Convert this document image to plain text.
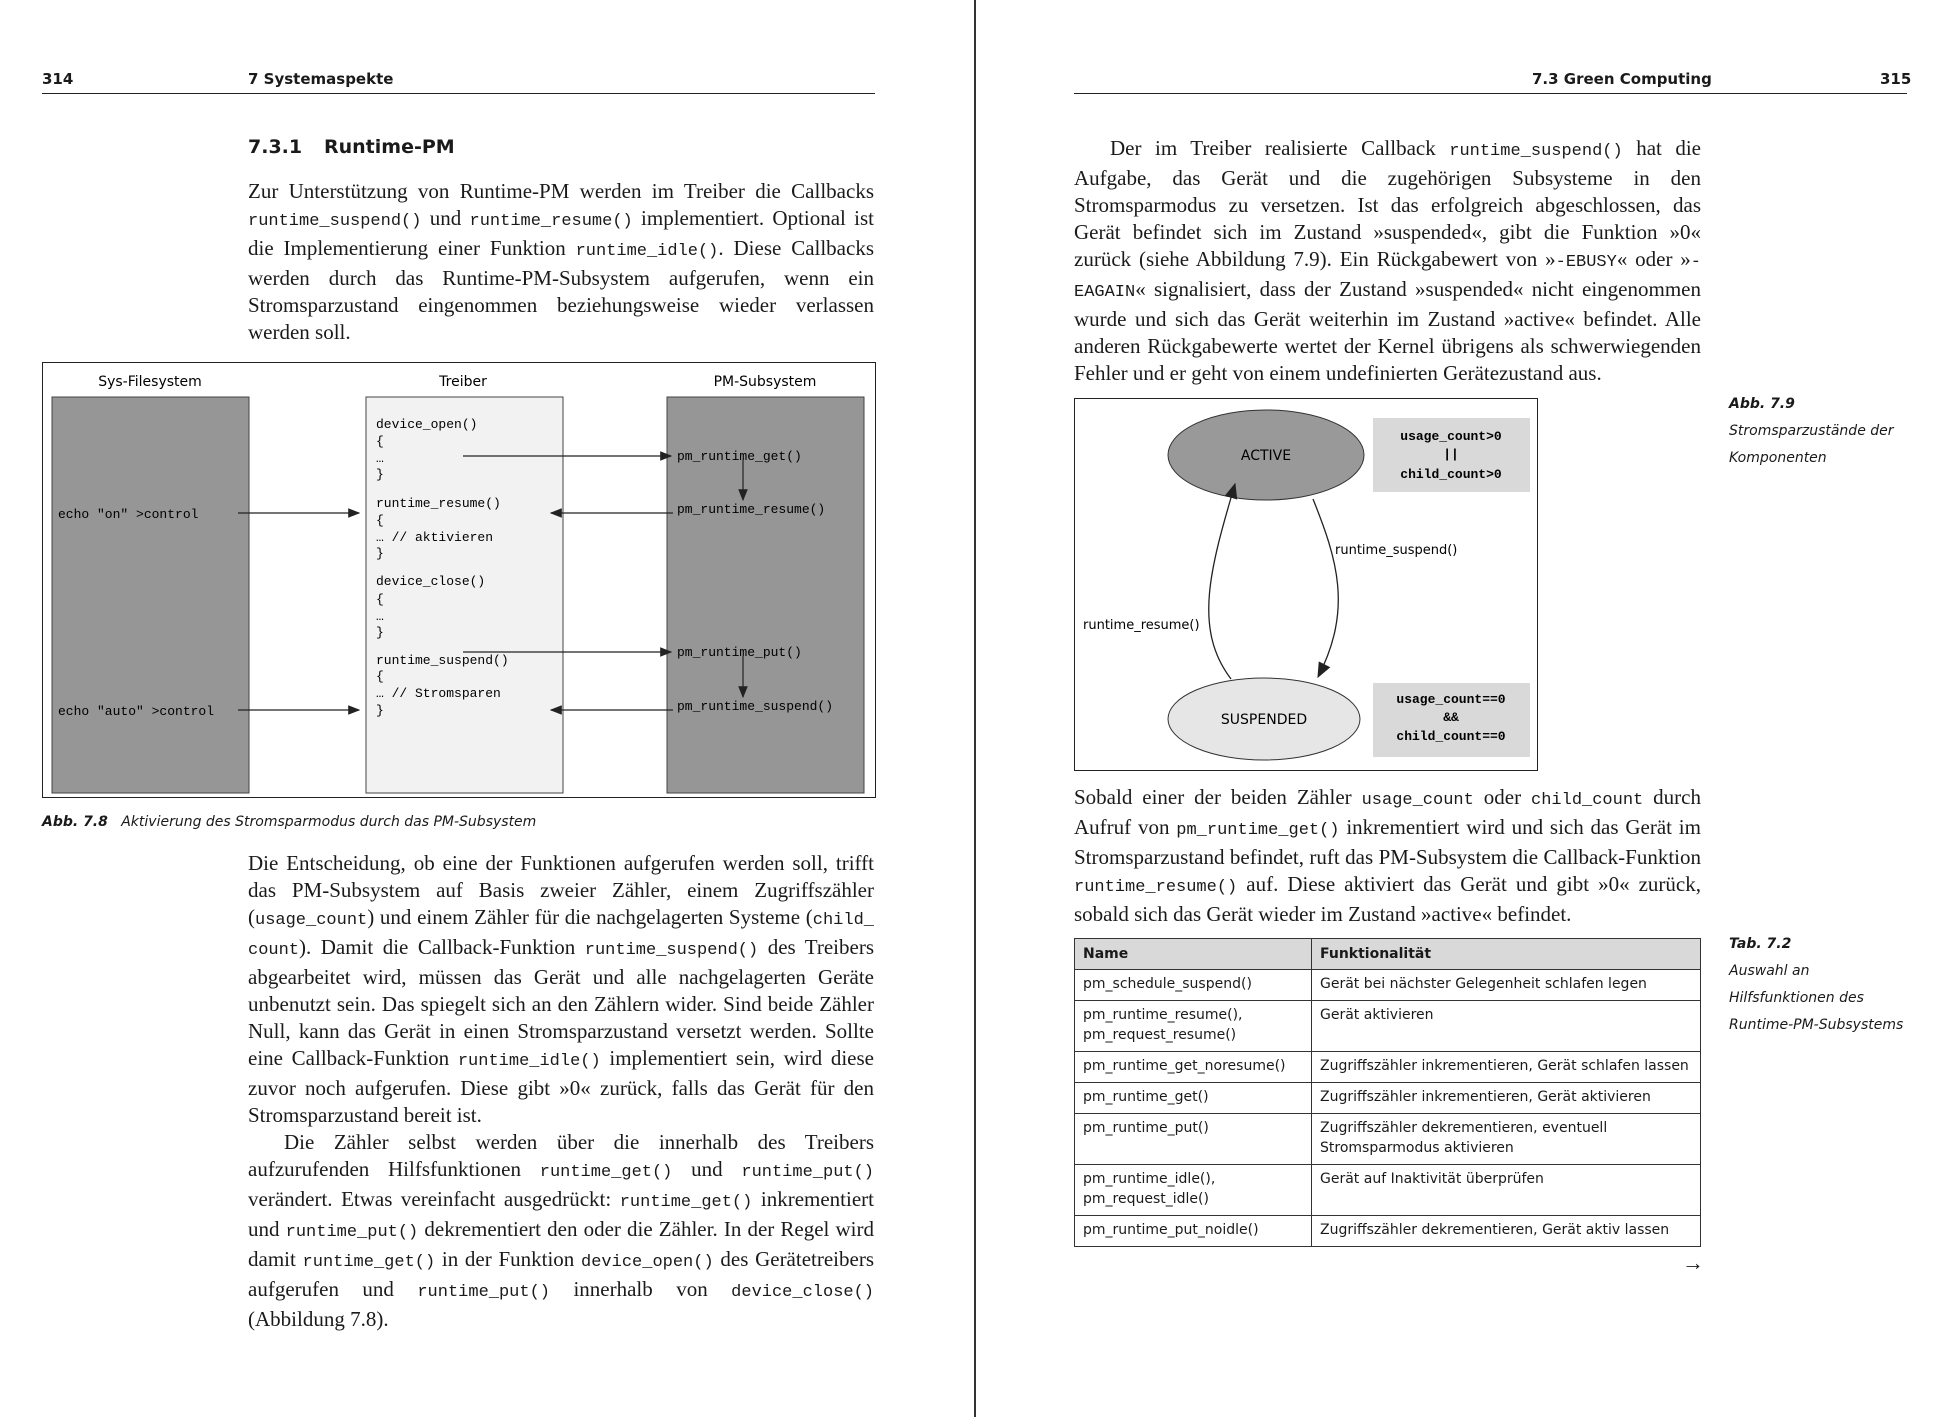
314	7 Systemaspekte
7.3.1 Runtime-PM

Zur Unterstützung von Runtime-PM werden im Treiber die Callbacks runtime_suspend() und runtime_resume() implementiert. Optional ist die Implementierung einer Funktion runtime_idle(). Diese Callbacks werden durch das Runtime-PM-Subsystem aufgerufen, wenn ein Stromsparzustand eingenommen beziehungsweise wieder verlassen werden soll.

Sys-Filesystem	Treiber	PM-Subsystem
echo "on" >control
echo "auto" >control
device_open()
{
…
}
runtime_resume()
{
… // aktivieren
}
device_close()
{
…
}
runtime_suspend()
{
… // Stromsparen
}
pm_runtime_get()
pm_runtime_resume()
pm_runtime_put()
pm_runtime_suspend()
Abb. 7.8 Aktivierung des Stromsparmodus durch das PM-Subsystem

Die Entscheidung, ob eine der Funktionen aufgerufen werden soll, trifft das PM-Subsystem auf Basis zweier Zähler, einem Zugriffszähler (usage_count) und einem Zähler für die nachgelagerten Systeme (child_ count). Damit die Callback-Funktion runtime_suspend() des Treibers abgearbeitet wird, müssen das Gerät und alle nachgelagerten Geräte unbenutzt sein. Das spiegelt sich an den Zählern wider. Sind beide Zähler Null, kann das Gerät in einen Stromsparzustand versetzt werden. Sollte eine Callback-Funktion runtime_idle() implementiert sein, wird diese zuvor noch aufgerufen. Diese gibt »0« zurück, falls das Gerät für den Stromsparzustand bereit ist.

Die Zähler selbst werden über die innerhalb des Treibers aufzurufenden Hilfsfunktionen runtime_get() und runtime_put() verändert. Etwas vereinfacht ausgedrückt: runtime_get() inkrementiert und runtime_put() dekrementiert den oder die Zähler. In der Regel wird damit runtime_get() in der Funktion device_open() des Gerätetreibers aufgerufen und runtime_put() innerhalb von device_close() (Abbildung 7.8).

7.3 Green Computing	315

Der im Treiber realisierte Callback runtime_suspend() hat die Aufgabe, das Gerät und die zugehörigen Subsysteme in den Stromsparmodus zu versetzen. Ist das erfolgreich abgeschlossen, das Gerät befindet sich im Zustand »suspended«, gibt die Funktion »0« zurück (siehe Abbildung 7.9). Ein Rückgabewert von »-EBUSY« oder »-EAGAIN« signalisiert, dass der Zustand »suspended« nicht eingenommen wurde und sich das Gerät weiterhin im Zustand »active« befindet. Alle anderen Rückgabewerte wertet der Kernel übrigens als schwerwiegenden Fehler und er geht von einem undefinierten Gerätezustand aus.

ACTIVE
SUSPENDED
usage_count>0
||
child_count>0
usage_count==0
&&
child_count==0
runtime_suspend()
runtime_resume()
Abb. 7.9
Stromsparzustände der
Komponenten

Sobald einer der beiden Zähler usage_count oder child_count durch Aufruf von pm_runtime_get() inkrementiert wird und sich das Gerät im Stromsparzustand befindet, ruft das PM-Subsystem die Callback-Funktion runtime_resume() auf. Diese aktiviert das Gerät und gibt »0« zurück, sobald sich das Gerät wieder im Zustand »active« befindet.

Tab. 7.2
Auswahl an
Hilfsfunktionen des
Runtime-PM-Subsystems
Name	Funktionalität
pm_schedule_suspend()	Gerät bei nächster Gelegenheit schlafen legen
pm_runtime_resume(),
pm_request_resume()	Gerät aktivieren
pm_runtime_get_noresume()	Zugriffszähler inkrementieren, Gerät schlafen lassen
pm_runtime_get()	Zugriffszähler inkrementieren, Gerät aktivieren
pm_runtime_put()	Zugriffszähler dekrementieren, eventuell Stromsparmodus aktivieren
pm_runtime_idle(),
pm_request_idle()	Gerät auf Inaktivität überprüfen
pm_runtime_put_noidle()	Zugriffszähler dekrementieren, Gerät aktiv lassen
→
